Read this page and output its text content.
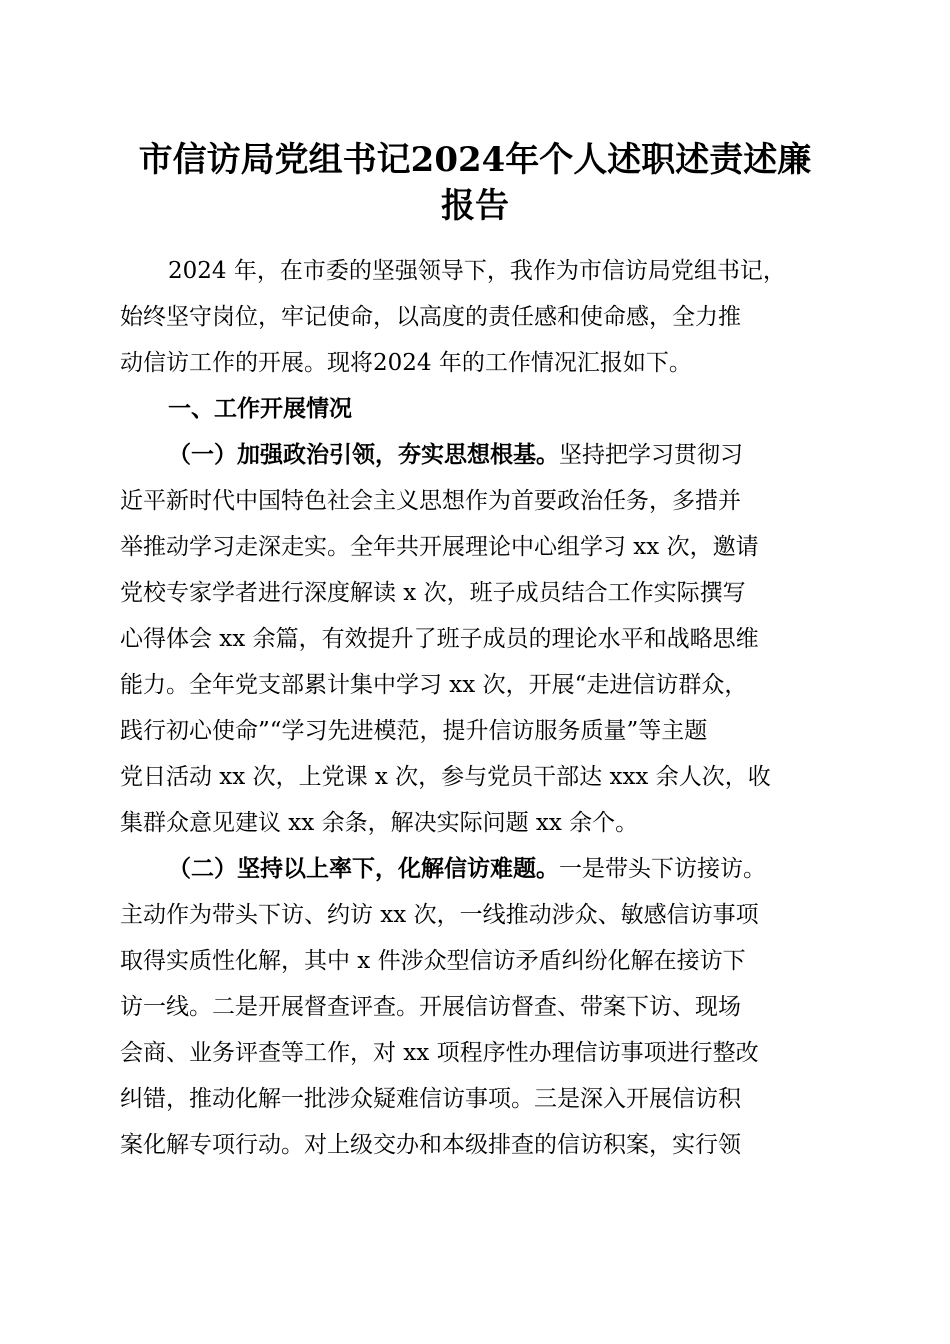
市信访局党组书记2024年个人述职述责述廉
报告
2024 年，在市委的坚强领导下，我作为市信访局党组书记，
始终坚守岗位，牢记使命，以高度的责任感和使命感，全力推
动信访工作的开展。现将2024 年的工作情况汇报如下。
一、工作开展情况
（一）加强政治引领，夯实思想根基。坚持把学习贯彻习
近平新时代中国特色社会主义思想作为首要政治任务，多措并
举推动学习走深走实。全年共开展理论中心组学习 xx 次，邀请
党校专家学者进行深度解读 x 次，班子成员结合工作实际撰写
心得体会 xx 余篇，有效提升了班子成员的理论水平和战略思维
能力。全年党支部累计集中学习 xx 次，开展“走进信访群众，
践行初心使命”“学习先进模范，提升信访服务质量”等主题
党日活动 xx 次，上党课 x 次，参与党员干部达 xxx 余人次，收
集群众意见建议 xx 余条，解决实际问题 xx 余个。
（二）坚持以上率下，化解信访难题。一是带头下访接访。
主动作为带头下访、约访 xx 次，一线推动涉众、敏感信访事项
取得实质性化解，其中 x 件涉众型信访矛盾纠纷化解在接访下
访一线。二是开展督查评查。开展信访督查、带案下访、现场
会商、业务评查等工作，对 xx 项程序性办理信访事项进行整改
纠错，推动化解一批涉众疑难信访事项。三是深入开展信访积
案化解专项行动。对上级交办和本级排查的信访积案，实行领
